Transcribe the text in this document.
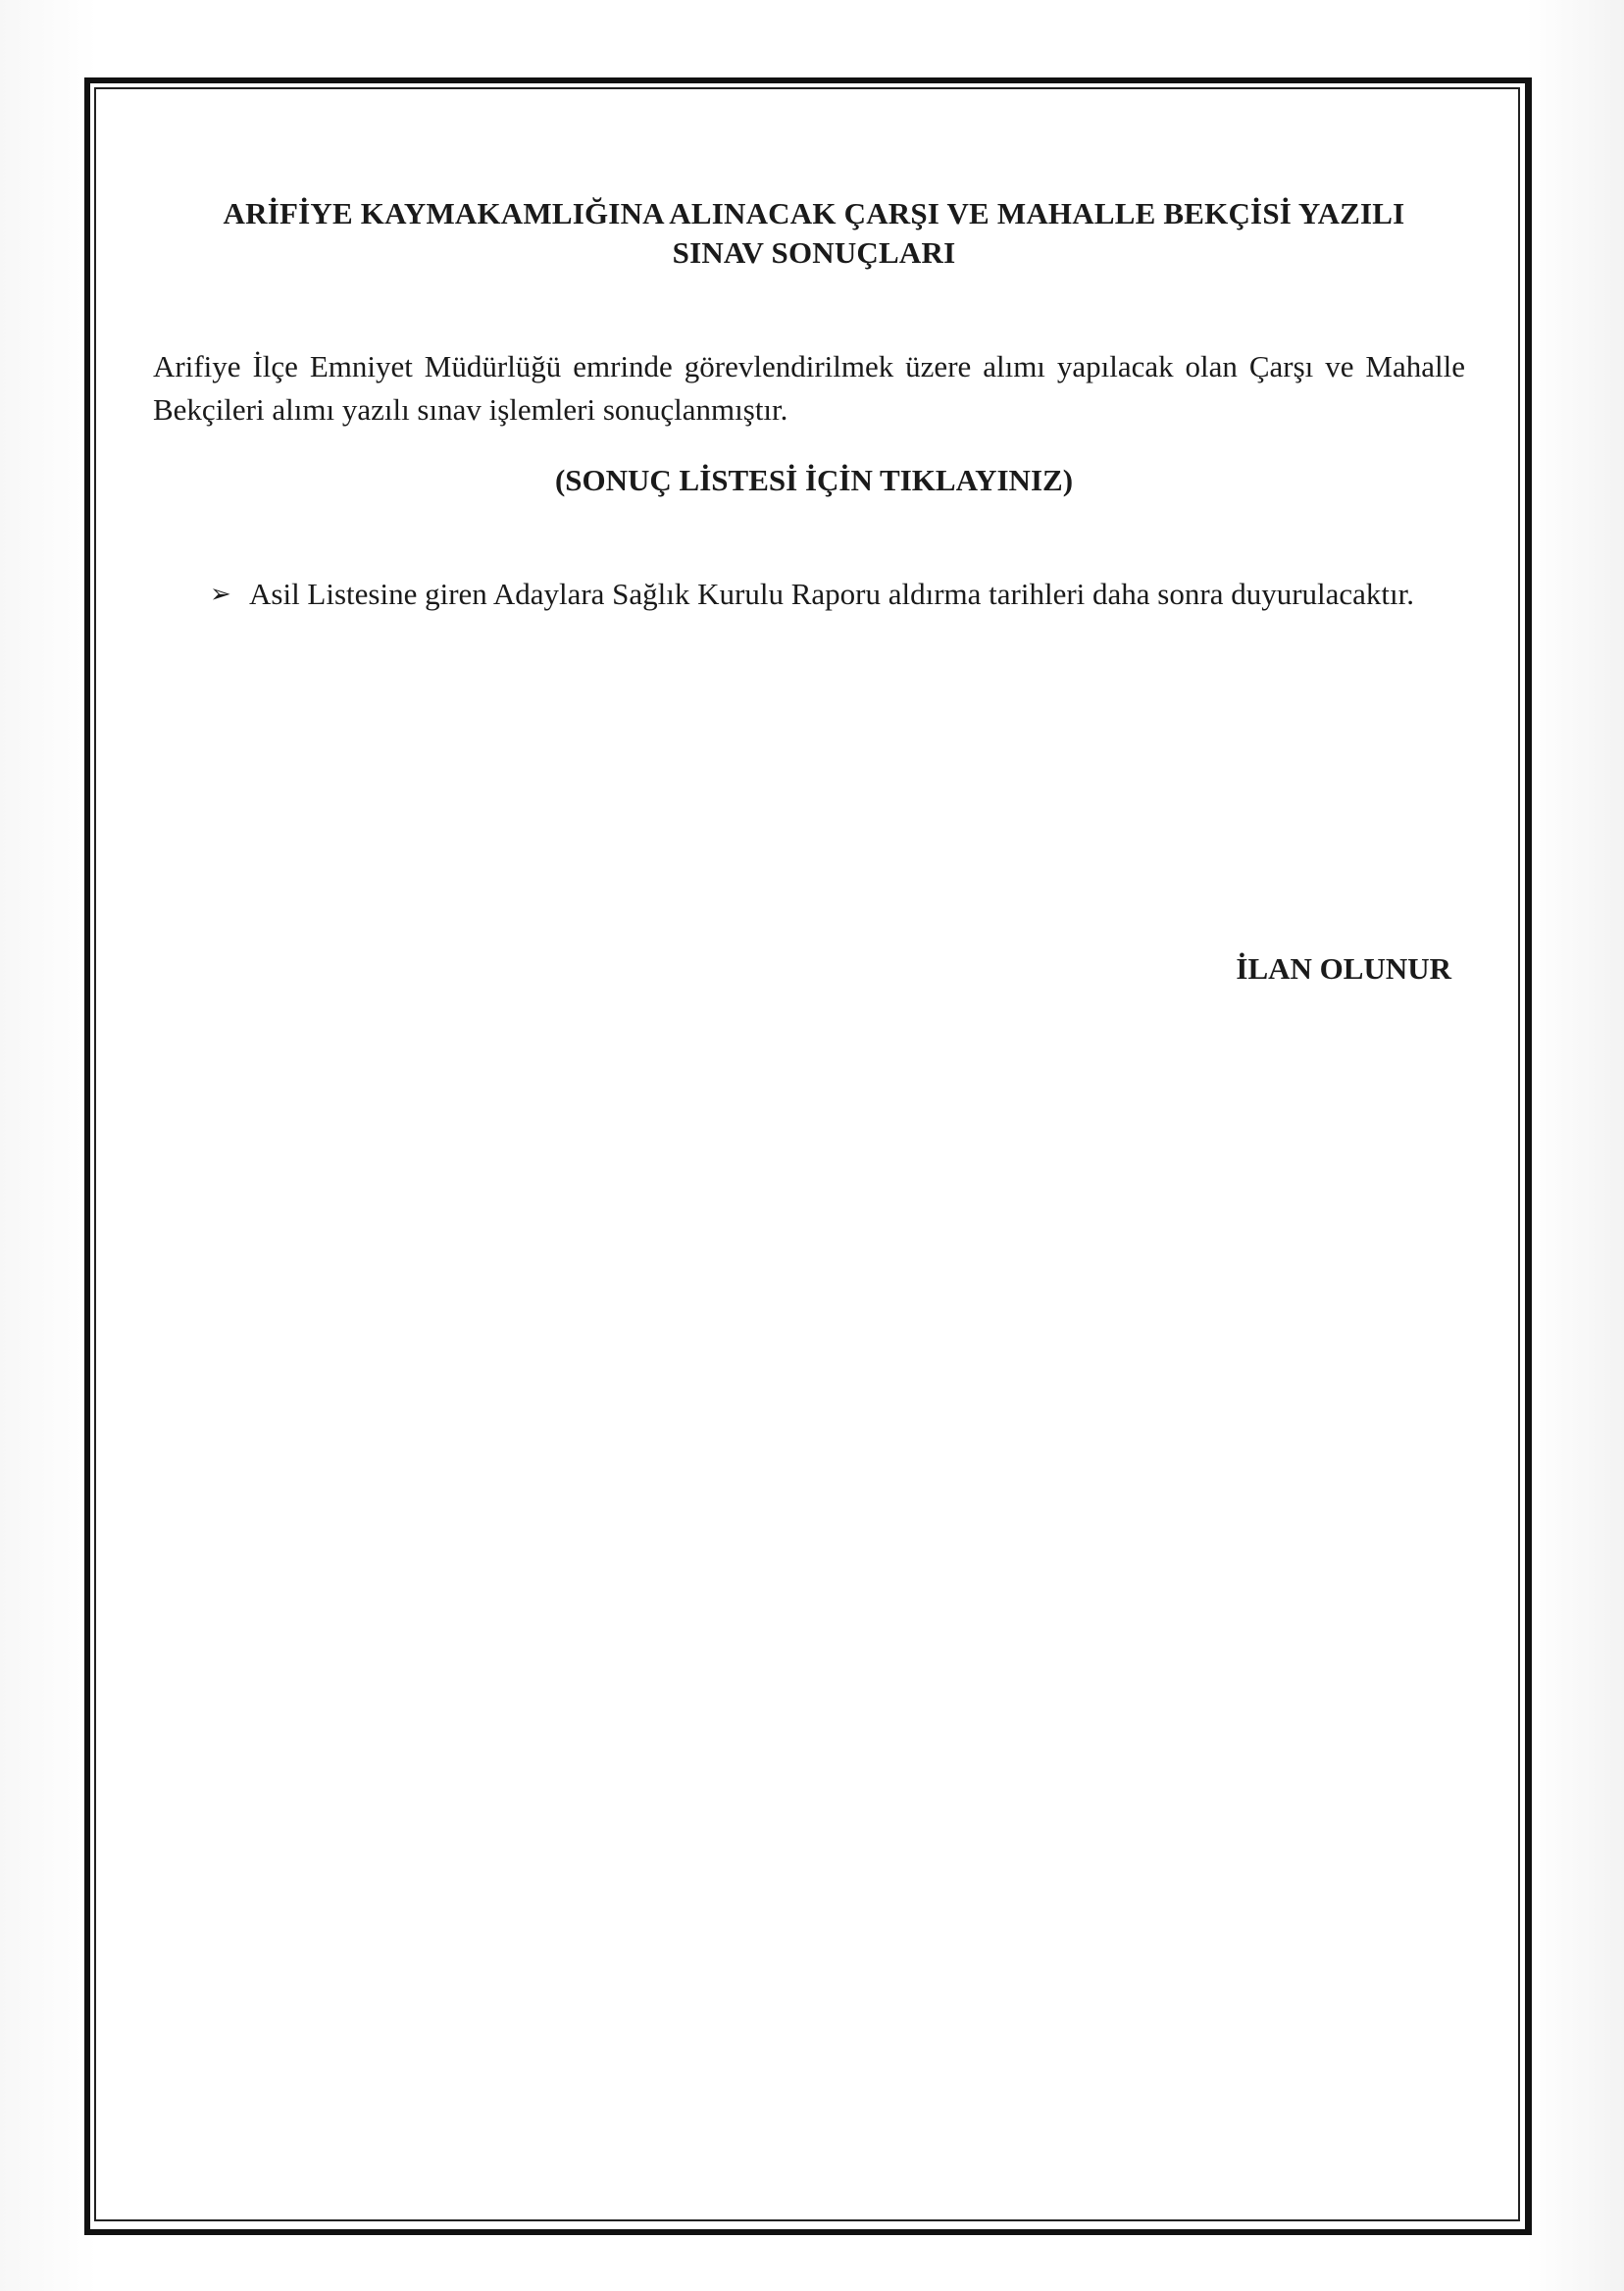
ARİFİYE KAYMAKAMLIĞINA ALINACAK ÇARŞI VE MAHALLE BEKÇİSİ YAZILI
SINAV SONUÇLARI
Arifiye İlçe Emniyet Müdürlüğü emrinde görevlendirilmek üzere alımı yapılacak olan Çarşı ve Mahalle Bekçileri alımı yazılı sınav işlemleri sonuçlanmıştır.
(SONUÇ LİSTESİ İÇİN TIKLAYINIZ)
➢ Asil Listesine giren Adaylara Sağlık Kurulu Raporu aldırma tarihleri daha sonra duyurulacaktır.
İLAN OLUNUR
